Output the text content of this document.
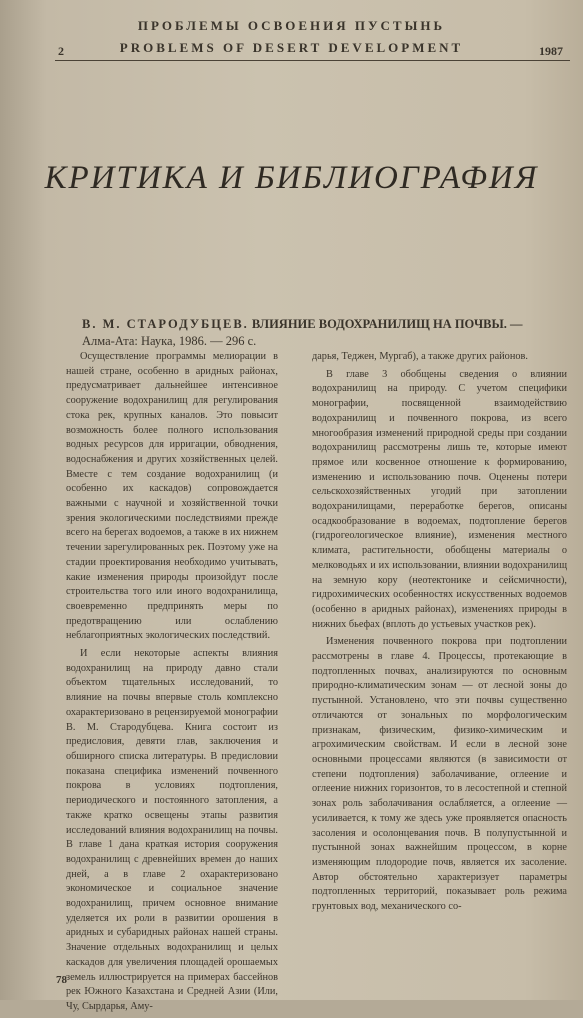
ПРОБЛЕМЫ ОСВОЕНИЯ ПУСТЫНЬ
2	PROBLEMS OF DESERT DEVELOPMENT	1987
КРИТИКА И БИБЛИОГРАФИЯ
В. М. СТАРОДУБЦЕВ. ВЛИЯНИЕ ВОДОХРАНИЛИЩ НА ПОЧВЫ. —
Алма-Ата: Наука, 1986. — 296 с.

Осуществление программы мелиорации в нашей стране, особенно в аридных районах, предусматривает дальнейшее интенсивное сооружение водохранилищ для регулирования стока рек, крупных каналов. Это повысит возможность более полного использования водных ресурсов для ирригации, обводнения, водоснабжения и других хозяйственных целей. Вместе с тем создание водохранилищ (и особенно их каскадов) сопровождается важными с научной и хозяйственной точки зрения экологическими последствиями прежде всего на берегах водоемов, а также в их нижнем течении зарегулированных рек. Поэтому уже на стадии проектирования необходимо учитывать, какие изменения природы произойдут после строительства того или иного водохранилища, своевременно предпринять меры по предотвращению или ослаблению неблагоприятных экологических последствий.

И если некоторые аспекты влияния водохранилищ на природу давно стали объектом тщательных исследований, то влияние на почвы впервые столь комплексно охарактеризовано в рецензируемой монографии В. М. Стародубцева. Книга состоит из предисловия, девяти глав, заключения и обширного списка литературы. В предисловии показана специфика изменений почвенного покрова в условиях подтопления, периодического и постоянного затопления, а также кратко освещены этапы развития исследований влияния водохранилищ на почвы. В главе 1 дана краткая история сооружения водохранилищ с древнейших времен до наших дней, а в главе 2 охарактеризовано экономическое и социальное значение водохранилищ, причем основное внимание уделяется их роли в развитии орошения в аридных и субаридных районах нашей страны. Значение отдельных водохранилищ и целых каскадов для увеличения площадей орошаемых земель иллюстрируется на примерах бассейнов рек Южного Казахстана и Средней Азии (Или, Чу, Сырдарья, Аму-

дарья, Теджен, Мургаб), а также других районов.

В главе 3 обобщены сведения о влиянии водохранилищ на природу. С учетом специфики монографии, посвященной взаимодействию водохранилищ и почвенного покрова, из всего многообразия изменений природной среды при создании водохранилищ рассмотрены лишь те, которые имеют прямое или косвенное отношение к формированию, изменению и использованию почв. Оценены потери сельскохозяйственных угодий при затоплении водохранилищами, переработке берегов, описаны осадкообразование в водоемах, подтопление берегов (гидрогеологическое влияние), изменения местного климата, растительности, обобщены материалы о мелководьях и их использовании, влиянии водохранилищ на земную кору (неотектонике и сейсмичности), гидрохимических особенностях искусственных водоемов (особенно в аридных районах), изменениях природы в нижних бьефах (вплоть до устьевых участков рек).

Изменения почвенного покрова при подтоплении рассмотрены в главе 4. Процессы, протекающие в подтопленных почвах, анализируются по основным природно-климатическим зонам — от лесной зоны до пустынной. Установлено, что эти почвы существенно отличаются от зональных по морфологическим признакам, физическим, физико-химическим и агрохимическим свойствам. И если в лесной зоне основными процессами являются (в зависимости от степени подтопления) заболачивание, оглеение и оглеение нижних горизонтов, то в лесостепной и степной зонах роль заболачивания ослабляется, а оглеение — усиливается, к тому же здесь уже проявляется опасность засоления и осолонцевания почв. В полупустынной и пустынной зонах важнейшим процессом, в корне изменяющим плодородие почв, является их засоление. Автор обстоятельно характеризует параметры подтопленных территорий, показывает роль режима грунтовых вод, механического со-

78
